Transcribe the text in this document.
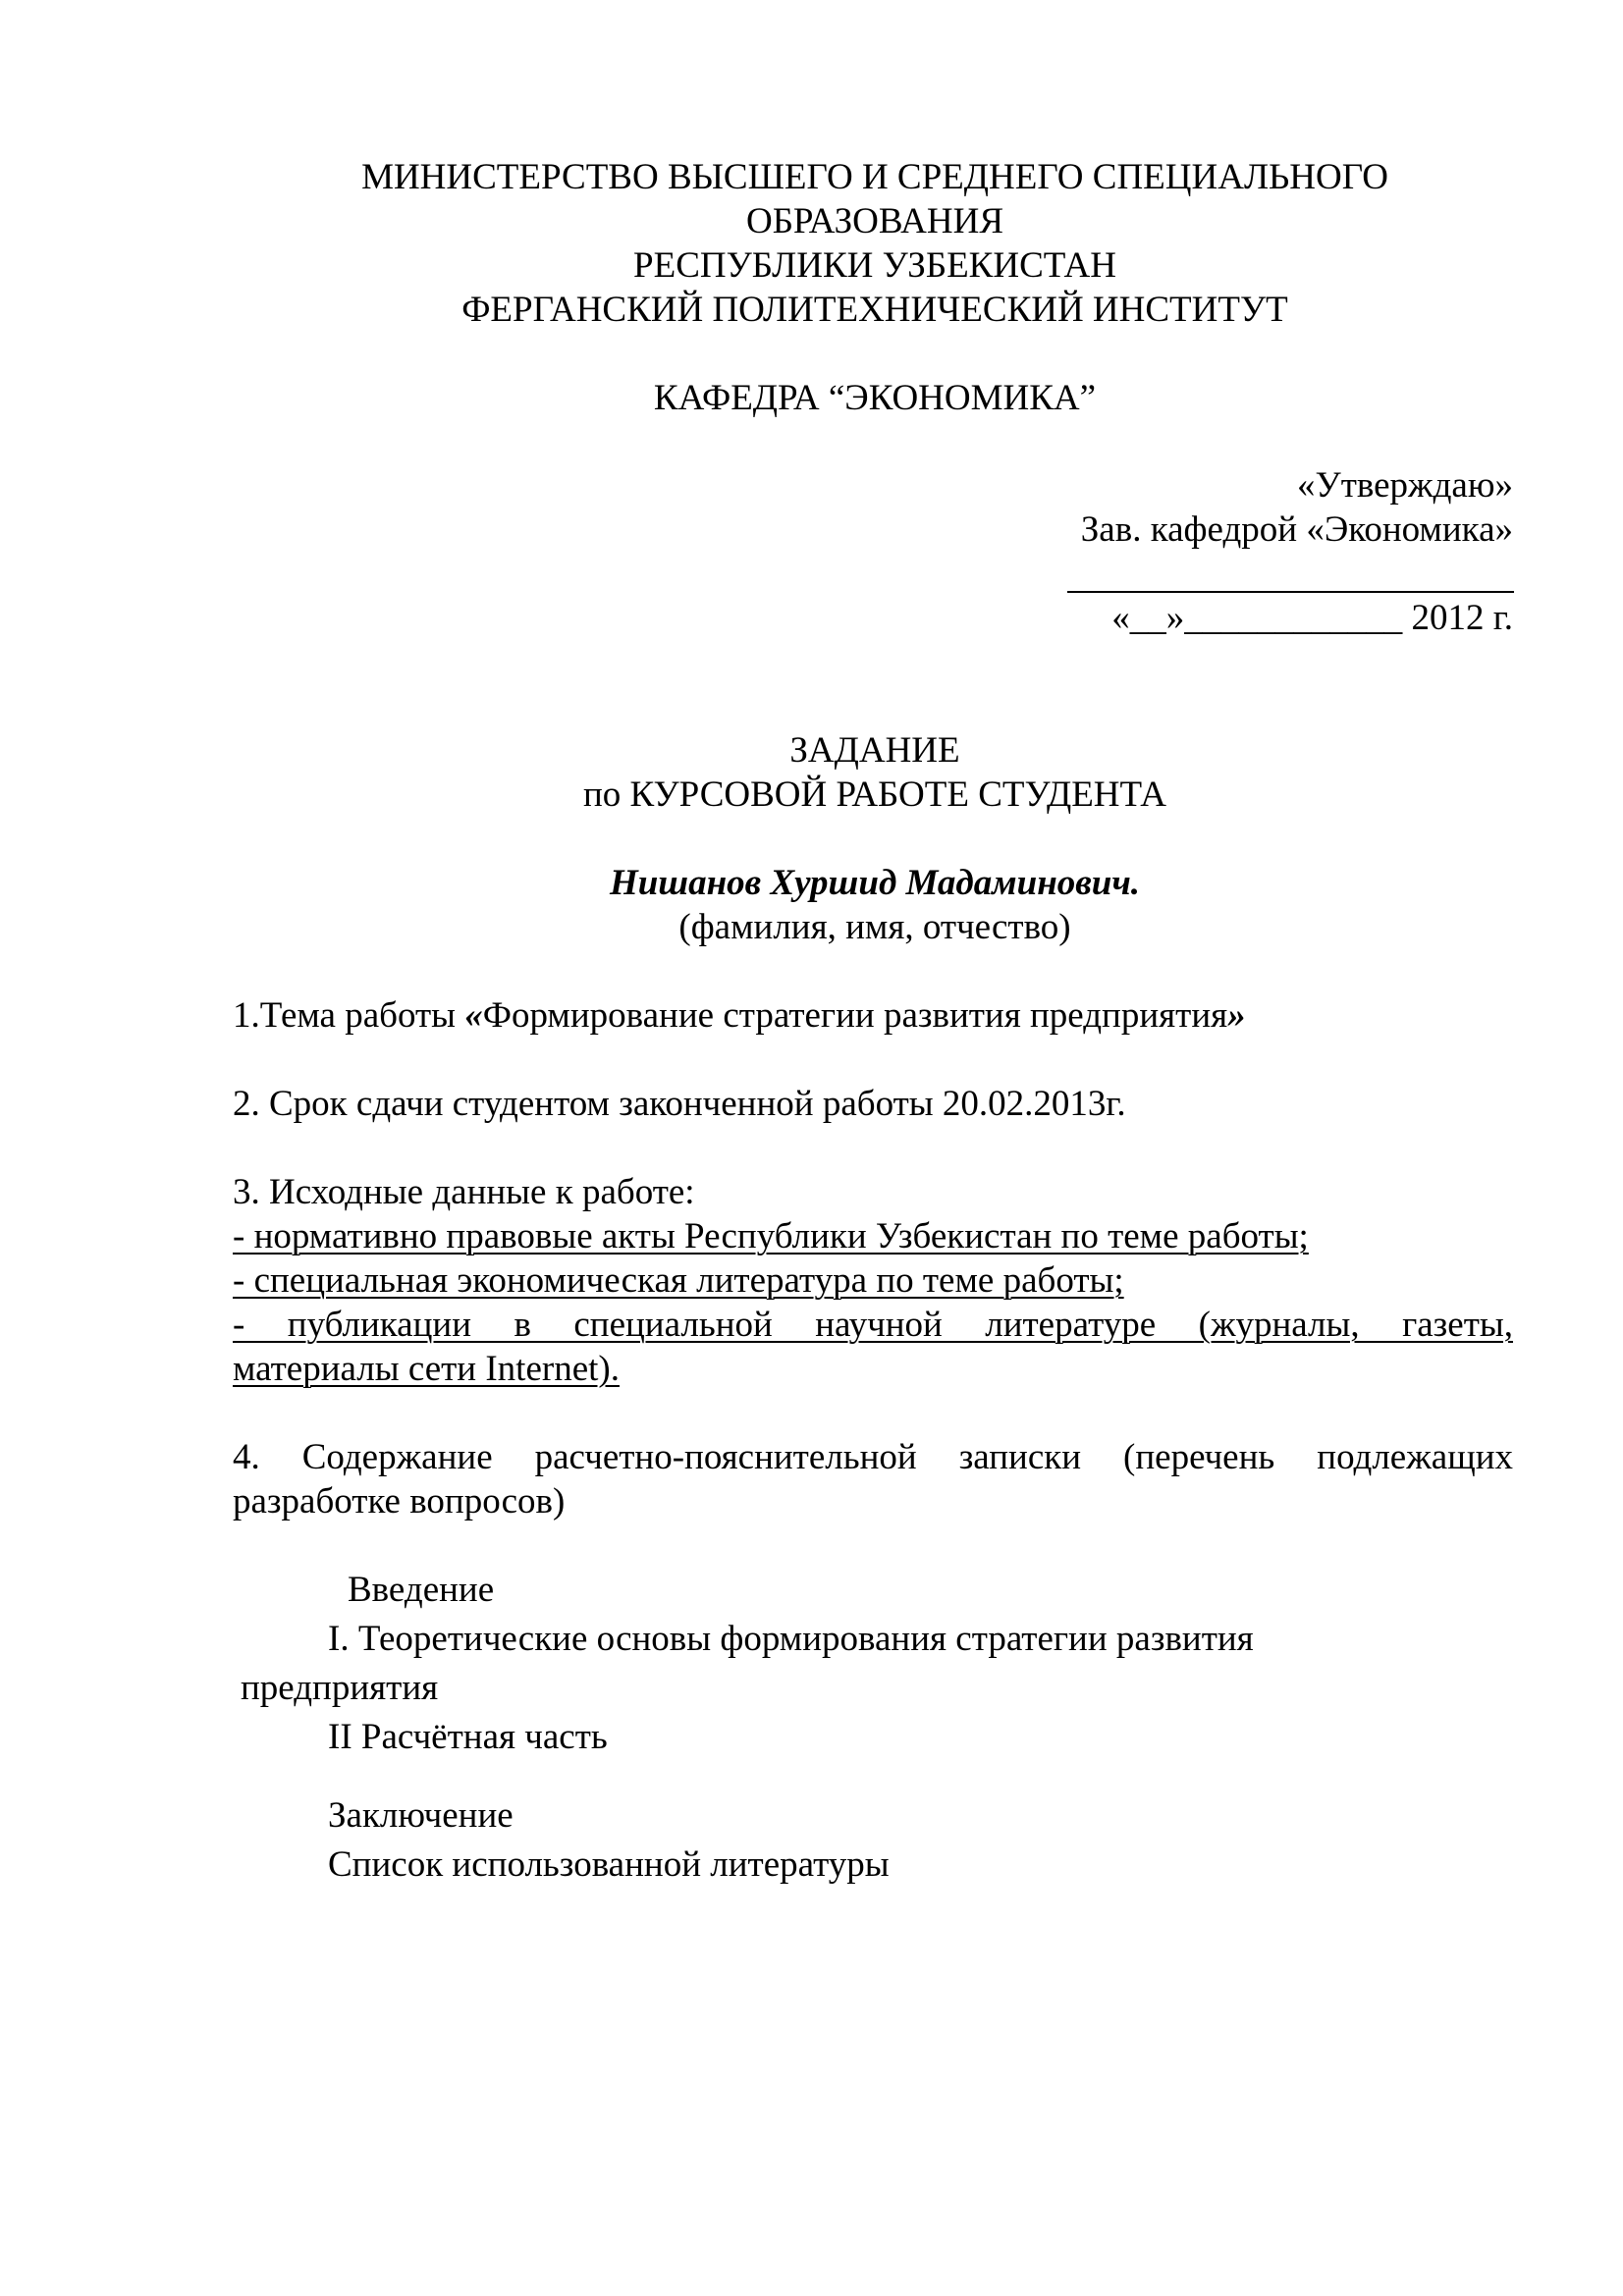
МИНИСТЕРСТВО ВЫСШЕГО И СРЕДНЕГО СПЕЦИАЛЬНОГО
ОБРАЗОВАНИЯ
РЕСПУБЛИКИ УЗБЕКИСТАН
ФЕРГАНСКИЙ ПОЛИТЕХНИЧЕСКИЙ ИНСТИТУТ
КАФЕДРА “ЭКОНОМИКА”
«Утверждаю»
Зав. кафедрой «Экономика»
«__»____________ 2012 г.
ЗАДАНИЕ
по КУРСОВОЙ РАБОТЕ СТУДЕНТА
Нишанов Хуршид Мадаминович.
(фамилия, имя, отчество)
1.Тема работы «Формирование стратегии развития предприятия»
2. Срок сдачи студентом законченной работы 20.02.2013г.
3. Исходные данные к работе:
- нормативно правовые акты Республики Узбекистан по теме работы;
- специальная экономическая литература по теме работы;
- публикации в специальной научной литературе (журналы, газеты,
материалы сети Internet).
4. Содержание расчетно-пояснительной записки (перечень подлежащих
разработке вопросов)
Введение
I. Теоретические основы формирования стратегии развития
предприятия
II Расчётная часть
Заключение
Список использованной литературы
